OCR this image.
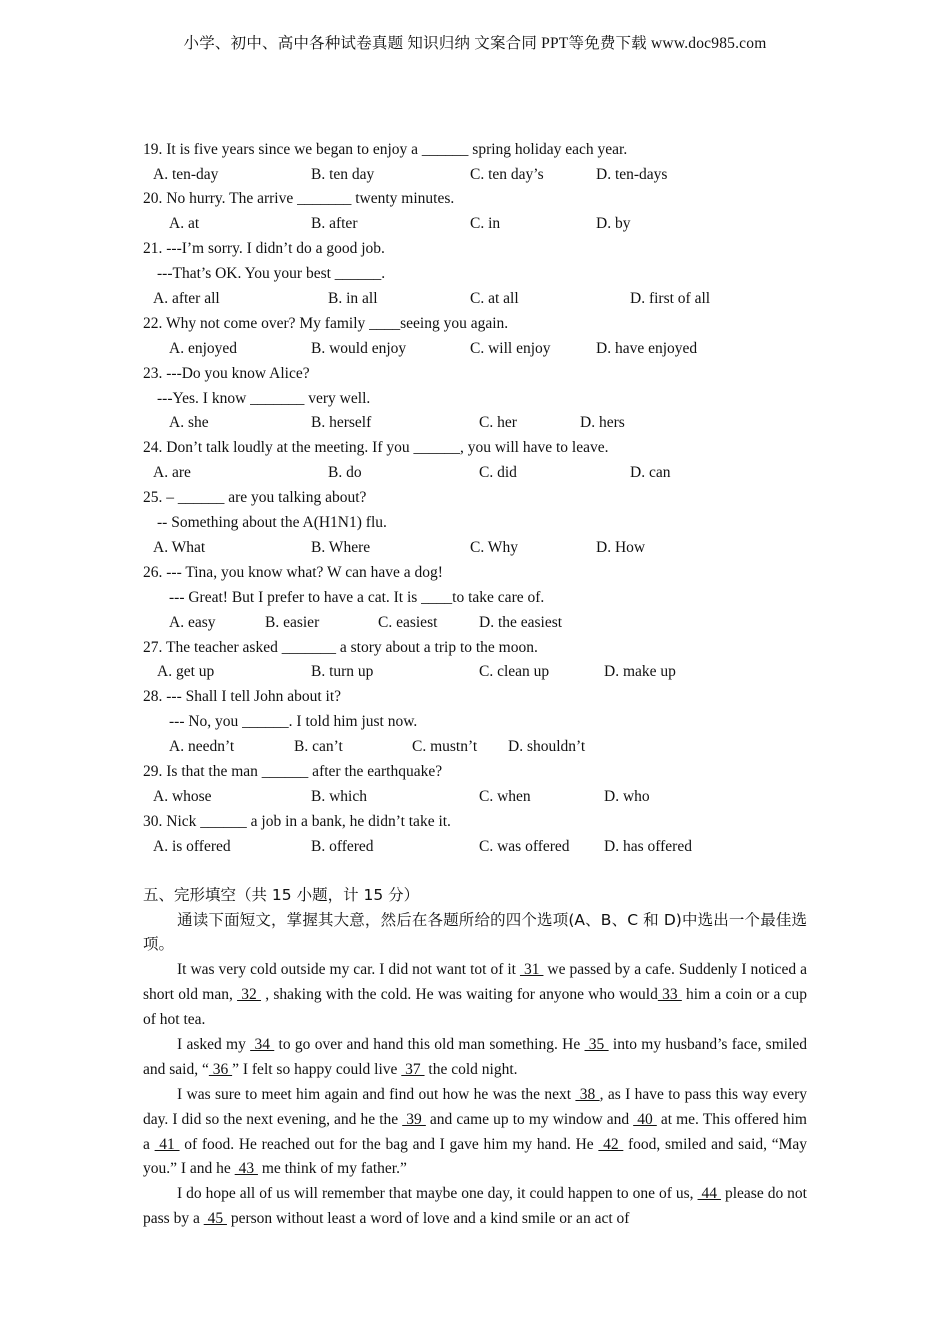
小学、初中、高中各种试卷真题 知识归纳 文案合同 PPT等免费下载 www.doc985.com
19. It is five years since we began to enjoy a ______ spring holiday each year.
A. ten-day	B. ten day	C. ten day’s	D. ten-days
20. No hurry. The arrive _______ twenty minutes.
A. at	B. after	C. in	D. by
21. ---I’m sorry. I didn’t do a good job.
---That’s OK. You your best ______.
A. after all	B. in all	C. at all	D. first of all
22. Why not come over? My family ____seeing you again.
A. enjoyed	B. would enjoy	C. will enjoy	D. have enjoyed
23. ---Do you know Alice?
---Yes. I know _______ very well.
A. she	B. herself	C. her	D. hers
24. Don’t talk loudly at the meeting. If you ______, you will have to leave.
A. are	B. do	C. did	D. can
25. – ______ are you talking about?
-- Something about the A(H1N1) flu.
A. What	B. Where	C. Why	D. How
26. --- Tina, you know what? W can have a dog!
--- Great! But I prefer to have a cat. It is ____to take care of.
A. easy	B. easier	C. easiest	D. the easiest
27. The teacher asked _______ a story about a trip to the moon.
A. get up	B. turn up	C. clean up	D. make up
28. --- Shall I tell John about it?
--- No, you ______. I told him just now.
A. needn’t	B. can’t	C. mustn’t D. shouldn’t
29. Is that the man ______ after the earthquake?
A. whose	B. which	C. when	D. who
30. Nick ______ a job in a bank, he didn’t take it.
A. is offered	B. offered	C. was offered D. has offered
五、完形填空（共 15 小题，计 15 分）
通读下面短文，掌握其大意，然后在各题所给的四个选项(A、B、C 和 D)中选出一个最佳选项。
It was very cold outside my car. I did not want tot of it  31  we passed by a cafe. Suddenly I noticed a short old man,  32  , shaking with the cold. He was waiting for anyone who would 33  him a coin or a cup of hot tea.
I asked my  34  to go over and hand this old man something. He  35  into my husband’s face, smiled and said, “ 36 ” I felt so happy could live  37  the cold night.
I was sure to meet him again and find out how he was the next  38 , as I have to pass this way every day. I did so the next evening, and he the  39  and came up to my window and  40  at me. This offered him a  41  of food. He reached out for the bag and I gave him my hand. He  42  food, smiled and said, “May you.” I and he  43  me think of my father.”
I do hope all of us will remember that maybe one day, it could happen to one of us,  44  please do not pass by a  45  person without least a word of love and a kind smile or an act of
